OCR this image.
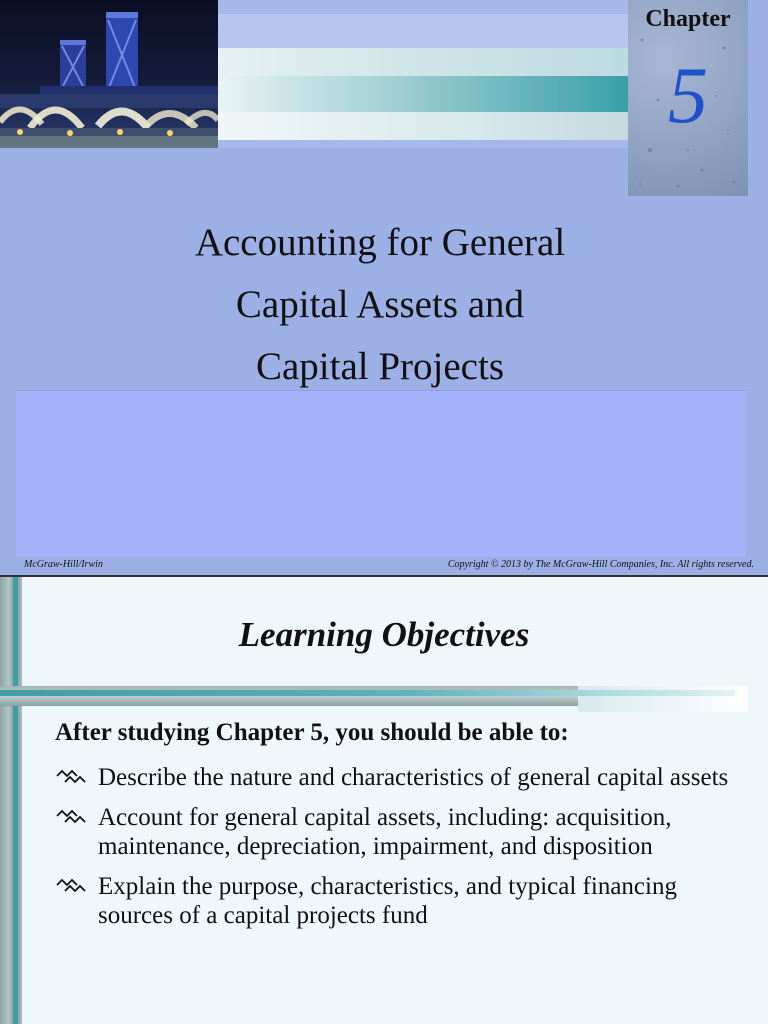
Chapter
5
Accounting for General
Capital Assets and
Capital Projects
McGraw-Hill/Irwin	Copyright © 2013 by The McGraw-Hill Companies, Inc. All rights reserved.
Learning Objectives
After studying Chapter 5, you should be able to:
Describe the nature and characteristics of general capital assets
Account for general capital assets, including: acquisition, maintenance, depreciation, impairment, and disposition
Explain the purpose, characteristics, and typical financing sources of a capital projects fund
